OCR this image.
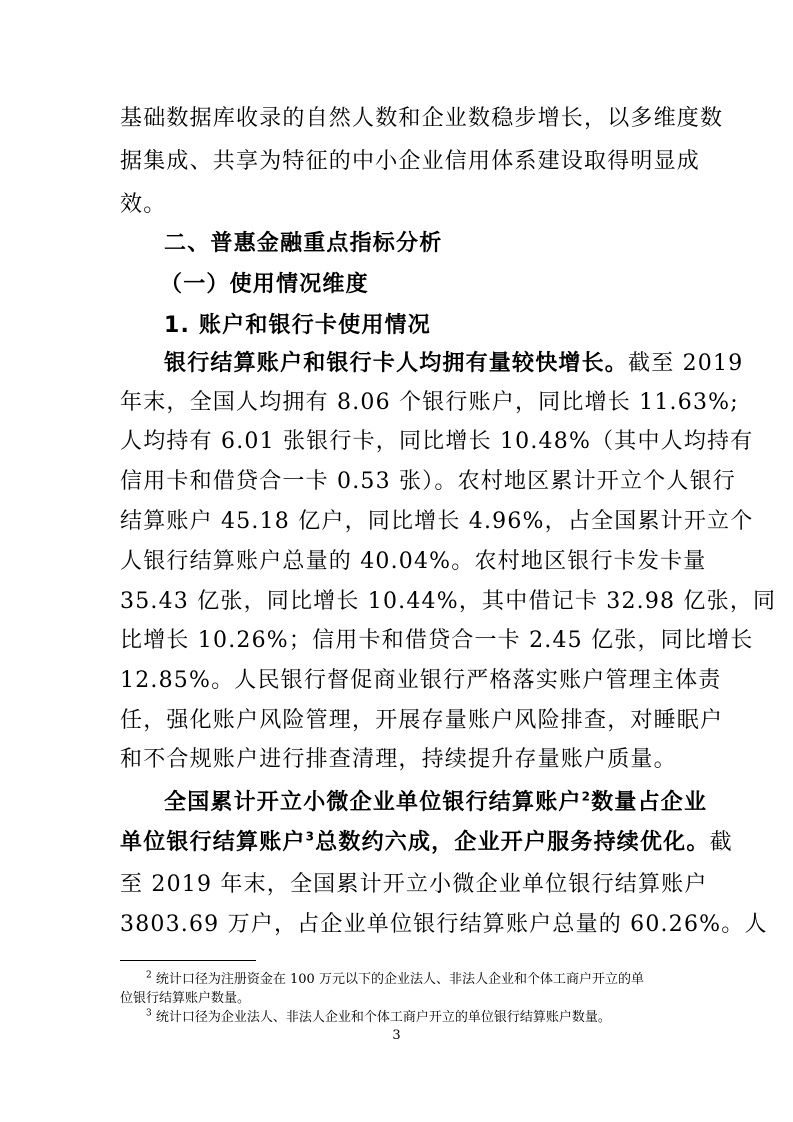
基础数据库收录的自然人数和企业数稳步增长，以多维度数
据集成、共享为特征的中小企业信用体系建设取得明显成
效。
二、普惠金融重点指标分析
（一）使用情况维度
1. 账户和银行卡使用情况
银行结算账户和银行卡人均拥有量较快增长。 截至 2019
年末，全国人均拥有 8.06 个银行账户，同比增长 11.63%;
人均持有 6.01 张银行卡，同比增长 10.48%（其中人均持有
信用卡和借贷合一卡 0.53 张）。农村地区累计开立个人银行
结算账户 45.18 亿户，同比增长 4.96%，占全国累计开立个
人银行结算账户总量的 40.04%。农村地区银行卡发卡量
35.43 亿张，同比增长 10.44%，其中借记卡 32.98 亿张，同
比增长 10.26%；信用卡和借贷合一卡 2.45 亿张，同比增长
12.85%。人民银行督促商业银行严格落实账户管理主体责
任，强化账户风险管理，开展存量账户风险排查，对睡眠户
和不合规账户进行排查清理，持续提升存量账户质量。
全国累计开立小微企业单位银行结算账户$^2$数量占企业
单位银行结算账户$^3$总数约六成，企业开户服务持续优化。截
至 2019 年末，全国累计开立小微企业单位银行结算账户
3803.69 万户，占企业单位银行结算账户总量的 60.26%。人
$^2$ 统计口径为注册资金在 100 万元以下的企业法人、非法人企业和个体工商户开立的单
位银行结算账户数量。
$^3$ 统计口径为企业法人、非法人企业和个体工商户开立的单位银行结算账户数量。
3
